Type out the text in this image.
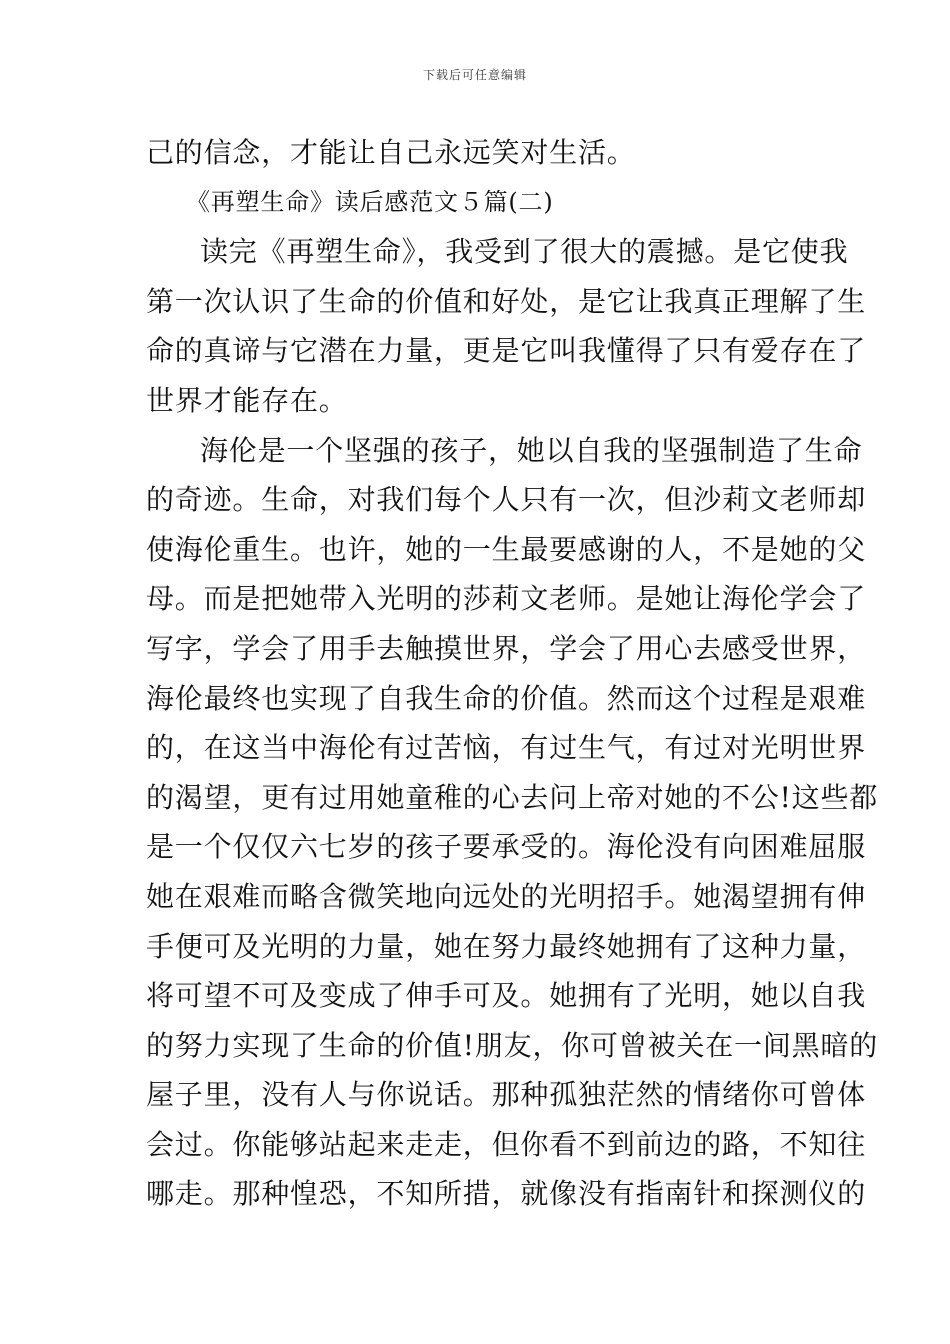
下载后可任意编辑
己的信念，才能让自己永远笑对生活。
《再塑生命》读后感范文５篇(二)
读完《再塑生命》，我受到了很大的震撼。是它使我
第一次认识了生命的价值和好处，是它让我真正理解了生
命的真谛与它潜在力量，更是它叫我懂得了只有爱存在了
世界才能存在。
海伦是一个坚强的孩子，她以自我的坚强制造了生命
的奇迹。生命，对我们每个人只有一次，但沙莉文老师却
使海伦重生。也许，她的一生最要感谢的人，不是她的父
母。而是把她带入光明的莎莉文老师。是她让海伦学会了
写字，学会了用手去触摸世界，学会了用心去感受世界，
海伦最终也实现了自我生命的价值。然而这个过程是艰难
的，在这当中海伦有过苦恼，有过生气，有过对光明世界
的渴望，更有过用她童稚的心去问上帝对她的不公!这些都
是一个仅仅六七岁的孩子要承受的。海伦没有向困难屈服
她在艰难而略含微笑地向远处的光明招手。她渴望拥有伸
手便可及光明的力量，她在努力最终她拥有了这种力量，
将可望不可及变成了伸手可及。她拥有了光明，她以自我
的努力实现了生命的价值!朋友，你可曾被关在一间黑暗的
屋子里，没有人与你说话。那种孤独茫然的情绪你可曾体
会过。你能够站起来走走，但你看不到前边的路，不知往
哪走。那种惶恐，不知所措，就像没有指南针和探测仪的
